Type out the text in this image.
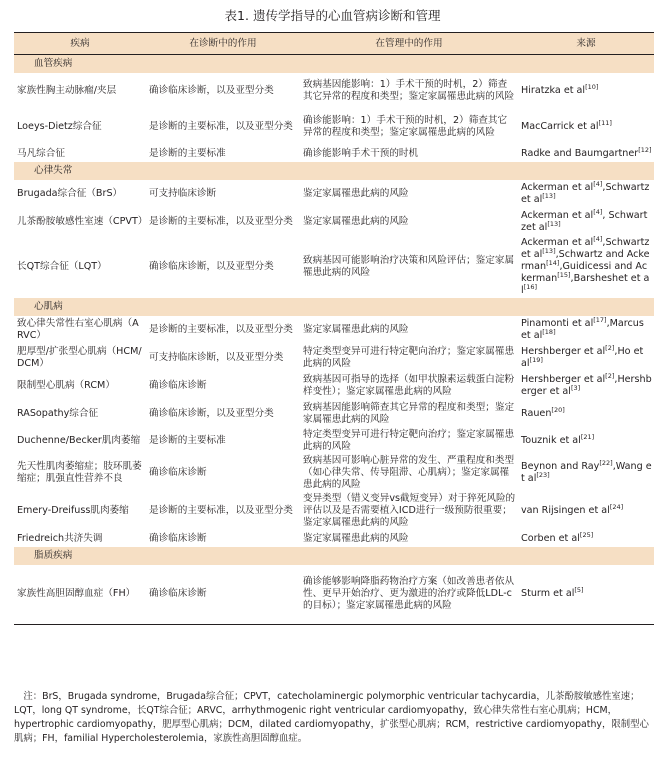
表1. 遗传学指导的心血管病诊断和管理
疾病	在诊断中的作用	在管理中的作用	来源
血管疾病			
家族性胸主动脉瘤/夹层	确诊临床诊断，以及亚型分类	致病基因能影响：1）手术干预的时机，2）筛查其它异常的程度和类型；鉴定家属罹患此病的风险	Hiratzka et al[10]
Loeys-Dietz综合征	是诊断的主要标准，以及亚型分类	确诊能影响：1）手术干预的时机，2）筛查其它异常的程度和类型；鉴定家属罹患此病的风险	MacCarrick et al[11]
马凡综合征	是诊断的主要标准	确诊能影响手术干预的时机	Radke and Baumgartner[12]
心律失常			
Brugada综合征（BrS）	可支持临床诊断	鉴定家属罹患此病的风险	Ackerman et al[4],Schwartz et al[13]
儿茶酚胺敏感性室速（CPVT）	是诊断的主要标准，以及亚型分类	鉴定家属罹患此病的风险	Ackerman et al[4], Schwartzet al[13]
长QT综合征（LQT）	确诊临床诊断，以及亚型分类	致病基因可能影响治疗决策和风险评估；鉴定家属罹患此病的风险	Ackerman et al[4],Schwartz et al[13],Schwartz and Ackerman[14],Guidicessi and Ackerman[15],Barsheshet et al[16]
心肌病			
致心律失常性右室心肌病（ARVC）	是诊断的主要标准，以及亚型分类	鉴定家属罹患此病的风险	Pinamonti et al[17],Marcus et al[18]
肥厚型/扩张型心肌病（HCM/DCM）	可支持临床诊断，以及亚型分类	特定类型变异可进行特定靶向治疗；鉴定家属罹患此病的风险	Hershberger et al[2],Ho et al[19]
限制型心肌病（RCM）	确诊临床诊断	致病基因可指导的选择（如甲状腺素运载蛋白淀粉样变性）；鉴定家属罹患此病的风险	Hershberger et al[2],Hershberger et al[3]
RASopathy综合征	确诊临床诊断，以及亚型分类	致病基因能影响筛查其它异常的程度和类型；鉴定家属罹患此病的风险	Rauen[20]
Duchenne/Becker肌肉萎缩	是诊断的主要标准	特定类型变异可进行特定靶向治疗；鉴定家属罹患此病的风险	Touznik et al[21]
先天性肌肉萎缩症；肢环肌萎缩症；肌强直性营养不良	确诊临床诊断	致病基因可影响心脏异常的发生、严重程度和类型（如心律失常、传导阻滞、心肌病）；鉴定家属罹患此病的风险	Beynon and Ray[22],Wang et al[23]
Emery-Dreifuss肌肉萎缩	是诊断的主要标准，以及亚型分类	变异类型（错义变异vs截短变异）对于猝死风险的评估以及是否需要植入ICD进行一级预防很重要；鉴定家属罹患此病的风险	van Rijsingen et al[24]
Friedreich共济失调	确诊临床诊断	鉴定家属罹患此病的风险	Corben et al[25]
脂质疾病			
家族性高胆固醇血症（FH）	确诊临床诊断	确诊能够影响降脂药物治疗方案（如改善患者依从性、更早开始治疗、更为激进的治疗或降低LDL-c的目标）；鉴定家属罹患此病的风险	Sturm et al[5]
注：BrS，Brugada syndrome，Brugada综合征；CPVT，catecholaminergic polymorphic ventricular tachycardia，儿茶酚胺敏感性室速；LQT，long QT syndrome，长QT综合征；ARVC，arrhythmogenic right ventricular cardiomyopathy，致心律失常性右室心肌病；HCM，hypertrophic cardiomyopathy，肥厚型心肌病；DCM，dilated cardiomyopathy，扩张型心肌病；RCM，restrictive cardiomyopathy，限制型心肌病；FH，familial Hypercholesterolemia，家族性高胆固醇血症。
